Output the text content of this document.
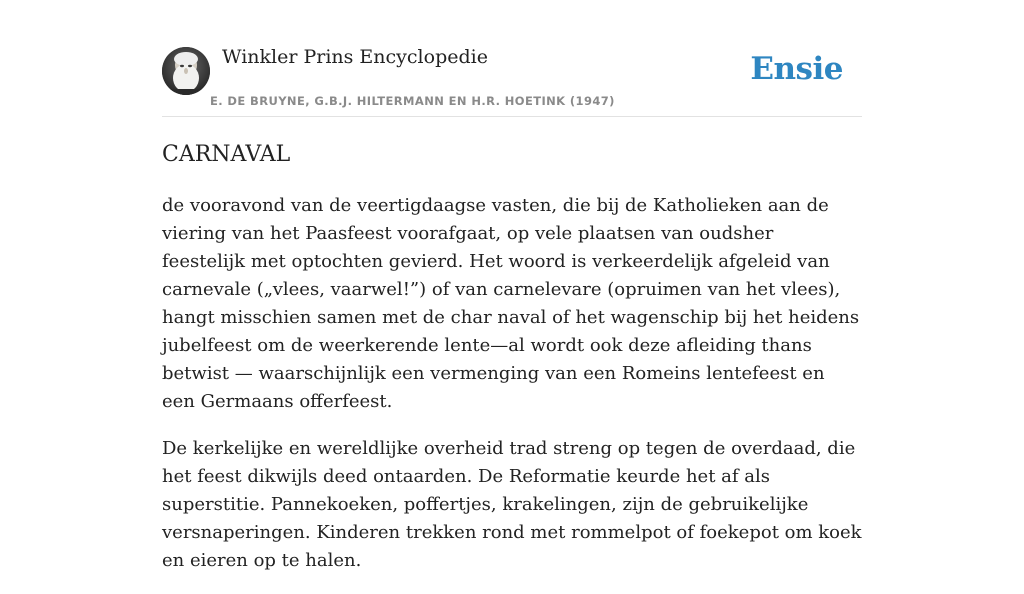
Winkler Prins Encyclopedie
E. DE BRUYNE, G.B.J. HILTERMANN EN H.R. HOETINK (1947)
Ensie
CARNAVAL

de vooravond van de veertigdaagse vasten, die bij de Katholieken aan de viering van het Paasfeest voorafgaat, op vele plaatsen van oudsher feestelijk met optochten gevierd. Het woord is verkeerdelijk afgeleid van carnevale („vlees, vaarwel!”) of van carnelevare (opruimen van het vlees), hangt misschien samen met de char naval of het wagenschip bij het heidens jubelfeest om de weerkerende lente—al wordt ook deze afleiding thans betwist — waarschijnlijk een vermenging van een Romeins lentefeest en een Germaans offerfeest.

De kerkelijke en wereldlijke overheid trad streng op tegen de overdaad, die het feest dikwijls deed ontaarden. De Reformatie keurde het af als superstitie. Pannekoeken, poffertjes, krakelingen, zijn de gebruikelijke versnaperingen. Kinderen trekken rond met rommelpot of foekepot om koek en eieren op te halen.
